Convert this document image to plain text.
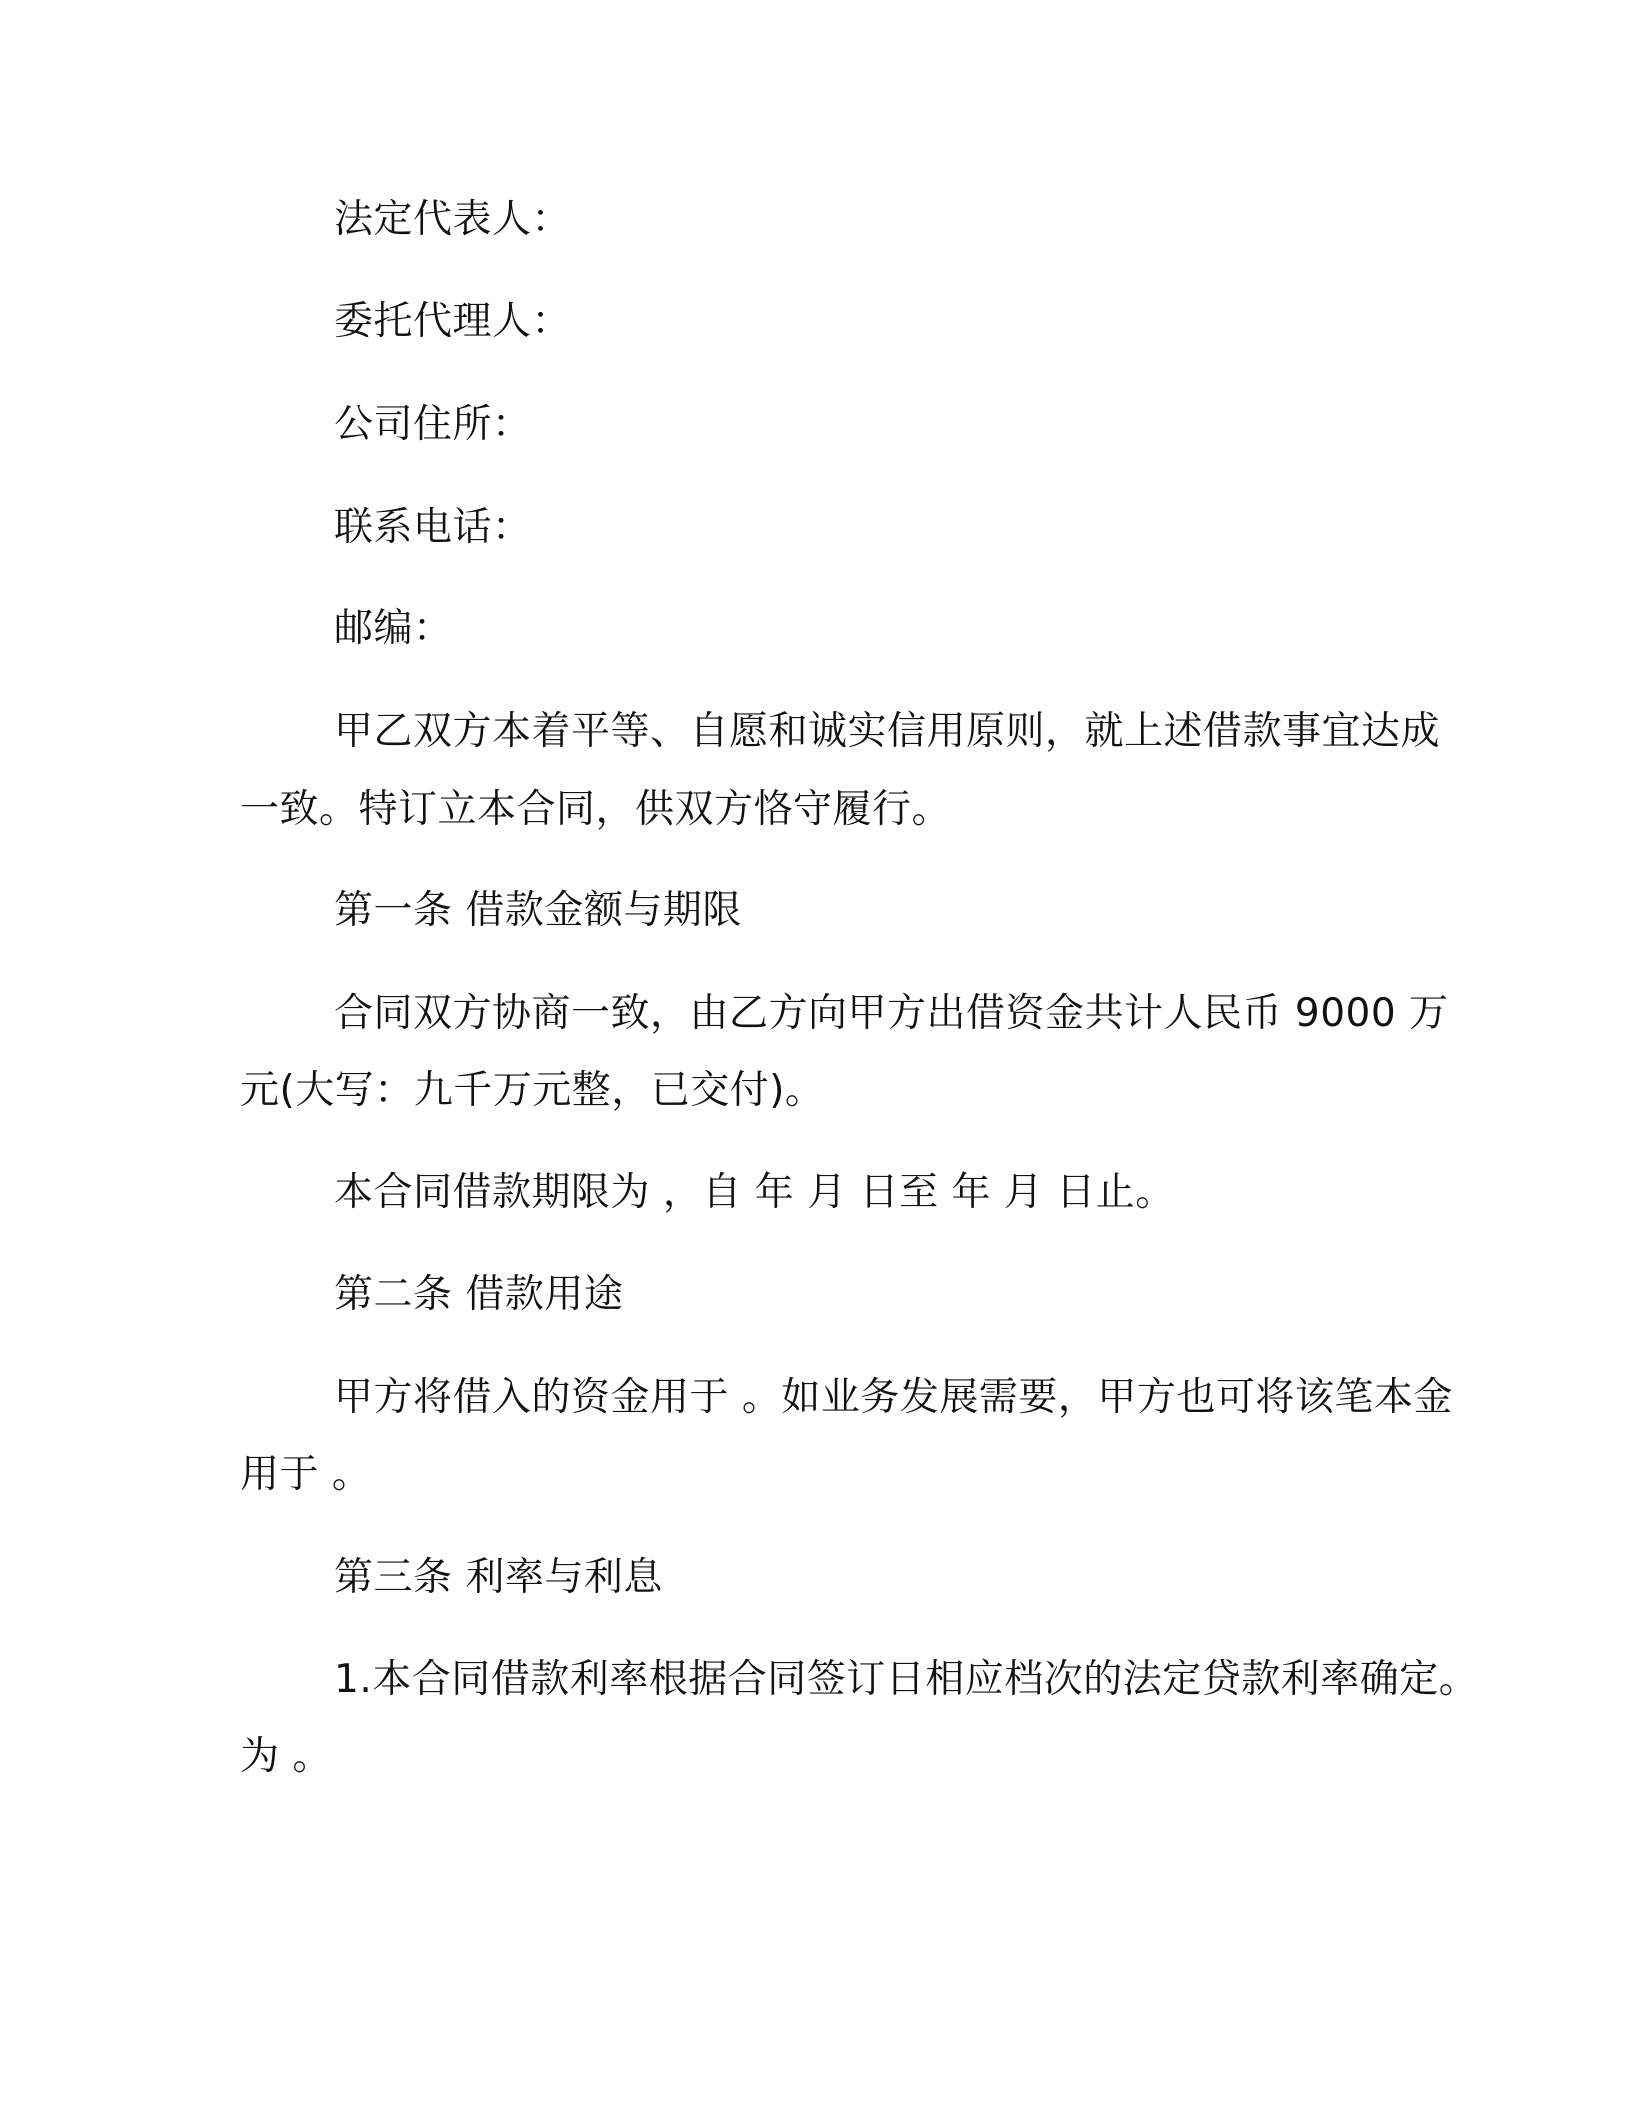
法定代表人：
委托代理人：
公司住所：
联系电话：
邮编：
甲乙双方本着平等、自愿和诚实信用原则，就上述借款事宜达成
一致。特订立本合同，供双方恪守履行。
第一条 借款金额与期限
合同双方协商一致，由乙方向甲方出借资金共计人民币 9000 万
元(大写：九千万元整，已交付)。
本合同借款期限为 ，自 年 月 日至 年 月 日止。
第二条 借款用途
甲方将借入的资金用于 。如业务发展需要，甲方也可将该笔本金
用于 。
第三条 利率与利息
1.本合同借款利率根据合同签订日相应档次的法定贷款利率确定。
为 。
